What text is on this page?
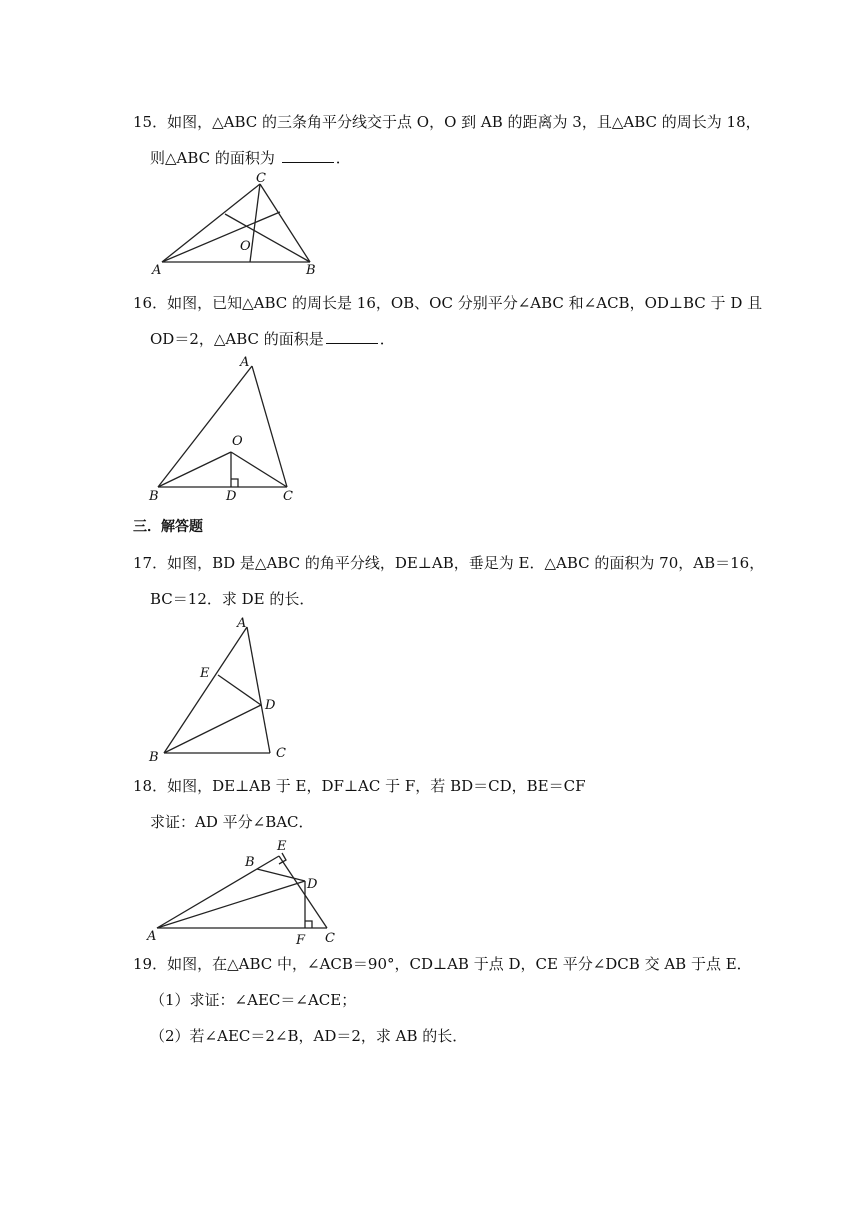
15．如图，△ABC 的三条角平分线交于点 O，O 到 AB 的距离为 3，且△ABC 的周长为 18，
则△ABC 的面积为	．
C
O
A	B
16．如图，已知△ABC 的周长是 16，OB、OC 分别平分∠ABC 和∠ACB，OD⊥BC 于 D 且
OD＝2，△ABC 的面积是	．
A
O
B	D	C
三．解答题
17．如图，BD 是△ABC 的角平分线，DE⊥AB，垂足为 E．△ABC 的面积为 70，AB＝16，
BC＝12．求 DE 的长．
A
E
D
B	C
18．如图，DE⊥AB 于 E，DF⊥AC 于 F，若 BD＝CD，BE＝CF
求证：AD 平分∠BAC．
B
E
D
A	F C
19．如图，在△ABC 中，∠ACB＝90°，CD⊥AB 于点 D，CE 平分∠DCB 交 AB 于点 E．
（1）求证：∠AEC＝∠ACE；
（2）若∠AEC＝2∠B，AD＝2，求 AB 的长．
